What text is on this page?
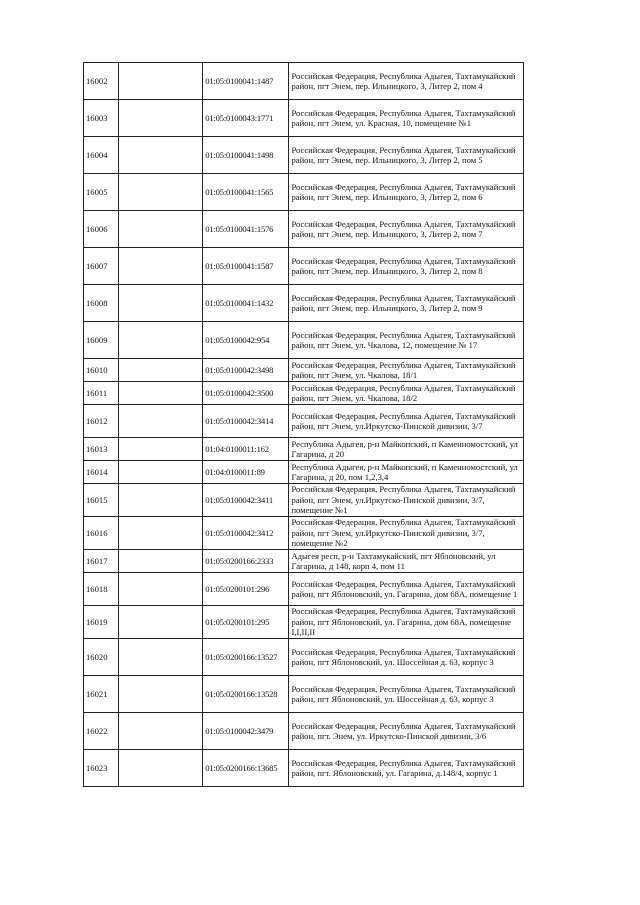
16002		01:05:0100041:1487	Российская Федерация, Республика Адыгея, Тахтамукайский район, пгт Энем, пер. Ильницкого, 3, Литер 2, пом 4
16003		01:05:0100043:1771	Российская Федерация, Республика Адыгея, Тахтамукайский район, пгт Энем, ул. Красная, 10, помещение №1
16004		01:05:0100041:1498	Российская Федерация, Республика Адыгея, Тахтамукайский район, пгт Энем, пер. Ильницкого, 3, Литер 2, пом 5
16005		01:05:0100041:1565	Российская Федерация, Республика Адыгея, Тахтамукайский район, пгт Энем, пер. Ильницкого, 3, Литер 2, пом 6
16006		01:05:0100041:1576	Российская Федерация, Республика Адыгея, Тахтамукайский район, пгт Энем, пер. Ильницкого, 3, Литер 2, пом 7
16007		01:05:0100041:1587	Российская Федерация, Республика Адыгея, Тахтамукайский район, пгт Энем, пер. Ильницкого, 3, Литер 2, пом 8
16008		01:05:0100041:1432	Российская Федерация, Республика Адыгея, Тахтамукайский район, пгт Энем, пер. Ильницкого, 3, Литер 2, пом 9
16009		01:05:0100042:954	Российская Федерация, Республика Адыгея, Тахтамукайский район, пгт Энем, ул. Чкалова, 12, помещение № 17
16010		01:05:0100042:3498	Российская Федерация, Республика Адыгея, Тахтамукайский район, пгт Энем, ул. Чкалова, 18/1
16011		01:05:0100042:3500	Российская Федерация, Республика Адыгея, Тахтамукайский район, пгт Энем, ул. Чкалова, 18/2
16012		01:05:0100042:3414	Российская Федерация, Республика Адыгея, Тахтамукайский район, пгт Энем, ул.Иркутско-Пинской дивизии, 3/7
16013		01:04:0100011:162	Республика Адыгея, р-н Майкопский, п Каменномостский, ул Гагарина, д 20
16014		01:04:0100011:89	Республика Адыгея, р-н Майкопский, п Каменномостский, ул Гагарина, д 20, пом 1,2,3,4
16015		01:05:0100042:3411	Российская Федерация, Республика Адыгея, Тахтамукайский район, пгт Энем, ул.Иркутско-Пинской дивизии, 3/7, помещение №1
16016		01:05:0100042:3412	Российская Федерация, Республика Адыгея, Тахтамукайский район, пгт Энем, ул.Иркутско-Пинской дивизии, 3/7, помещение №2
16017		01:05:0200166:2333	Адыгея респ, р-н Тахтамукайский, пгт Яблоновский, ул Гагарина, д 148, корп 4, пом 11
16018		01:05:0200101:296	Российская Федерация, Республика Адыгея, Тахтамукайский район, пгт Яблоновский, ул. Гагарина, дом 68А, помещение 1
16019		01:05:0200101:295	Российская Федерация, Республика Адыгея, Тахтамукайский район, пгт Яблоновский, ул. Гагарина, дом 68А, помещение I,I,II,II
16020		01:05:0200166:13527	Российская Федерация, Республика Адыгея, Тахтамукайский район, пгт Яблоновский, ул. Шоссейная д. 63, корпус 3
16021		01:05:0200166:13528	Российская Федерация, Республика Адыгея, Тахтамукайский район, пгт Яблоновский, ул. Шоссейная д. 63, корпус 3
16022		01:05:0100042:3479	Российская Федерация, Республика Адыгея, Тахтамукайский район, пгт. Энем, ул. Иркутско-Пинской дивизии, 3/6
16023		01:05:0200166:13685	Российская Федерация, Республика Адыгея, Тахтамукайский район, пгт. Яблоновский, ул. Гагарина, д.148/4, корпус 1
